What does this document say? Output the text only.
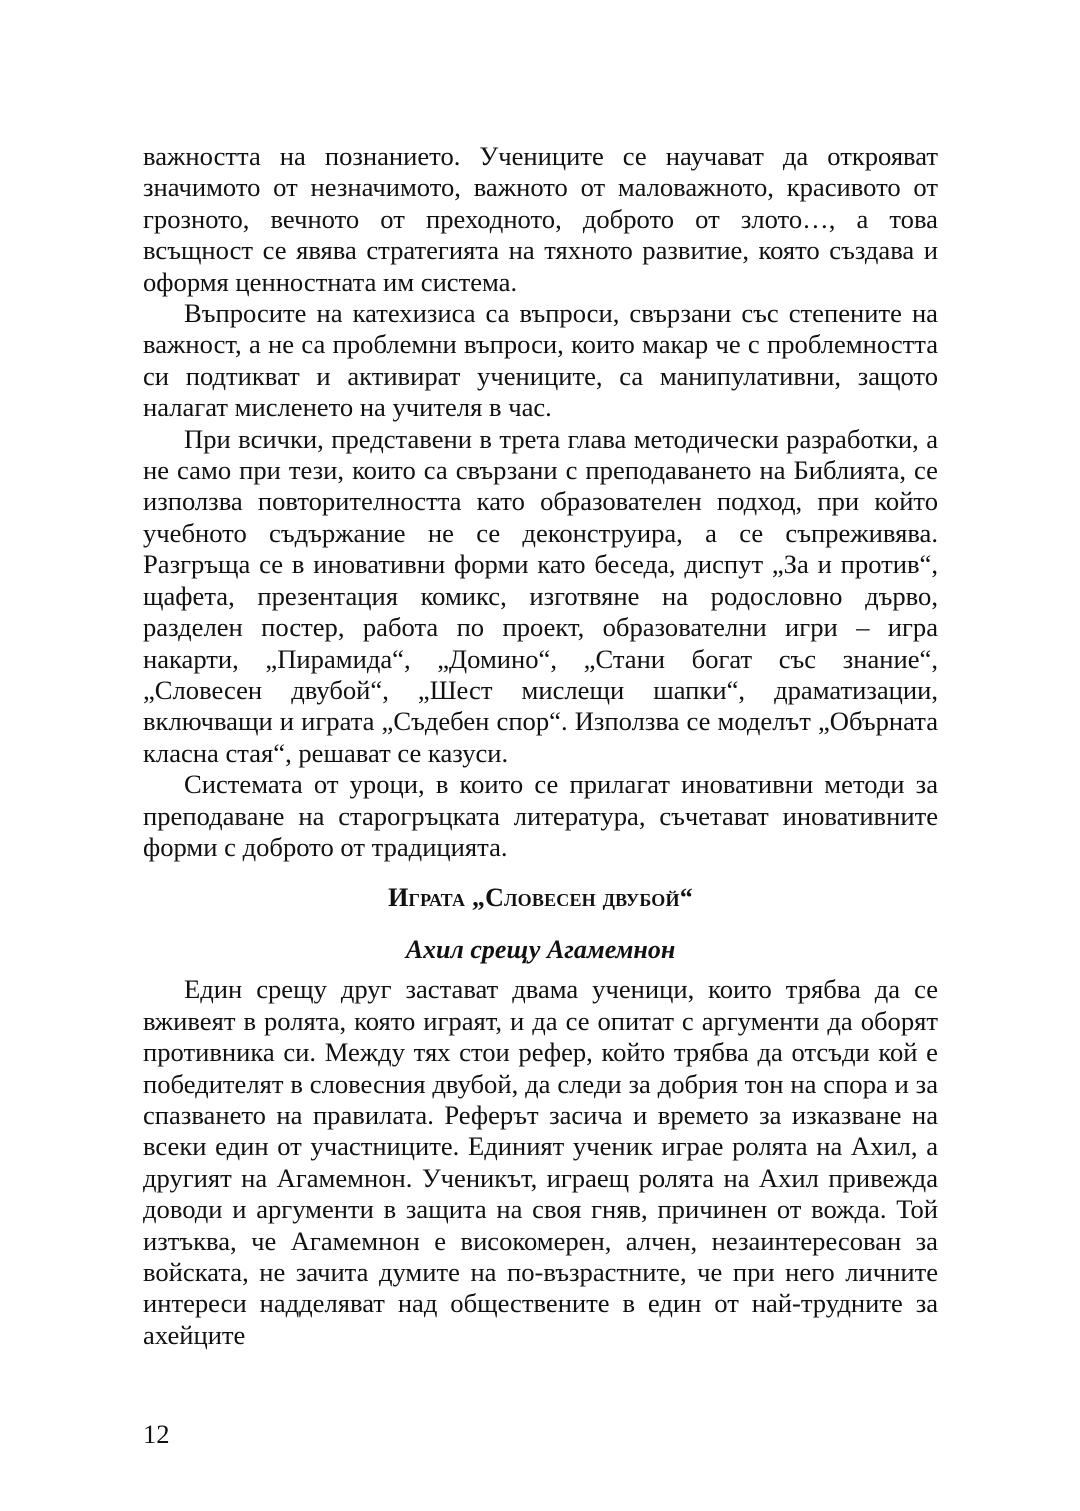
важността на познанието. Учениците се научават да открояват значимото от незначимото, важното от маловажното, красивото от грозното, вечното от преходното, доброто от злото…, а това всъщност се явява стратегията на тяхното развитие, която създава и оформя ценностната им система.

Въпросите на катехизиса са въпроси, свързани със степените на важност, а не са проблемни въпроси, които макар че с проблемността си подтикват и активират учениците, са манипулативни, защото налагат мисленето на учителя в час.

При всички, представени в трета глава методически разработки, а не само при тези, които са свързани с преподаването на Библията, се използва повторителността като образователен подход, при който учебното съдържание не се деконструира, а се съпреживява. Разгръща се в иновативни форми като беседа, диспут „За и против“, щафета, презентация комикс, изготвяне на родословно дърво, разделен постер, работа по проект, образователни игри – игра накарти, „Пирамида“, „Домино“, „Стани богат със знание“, „Словесен двубой“, „Шест мислещи шапки“, драматизации, включващи и играта „Съдебен спор“. Използва се моделът „Обърната класна стая“, решават се казуси.

Системата от уроци, в които се прилагат иновативни методи за преподаване на старогръцката литература, съчетават иновативните форми с доброто от традицията.

Играта „Словесен двубой“
Ахил срещу Агамемнон

Един срещу друг застават двама ученици, които трябва да се вживеят в ролята, която играят, и да се опитат с аргументи да оборят противника си. Между тях стои рефер, който трябва да отсъди кой е победителят в словесния двубой, да следи за добрия тон на спора и за спазването на правилата. Реферът засича и времето за изказване на всеки един от участниците. Единият ученик играе ролята на Ахил, а другият на Агамемнон. Ученикът, играещ ролята на Ахил привежда доводи и аргументи в защита на своя гняв, причинен от вожда. Той изтъква, че Агамемнон е високомерен, алчен, незаинтересован за войската, не зачита думите на по-възрастните, че при него личните интереси надделяват над обществените в един от най-трудните за ахейците

12
